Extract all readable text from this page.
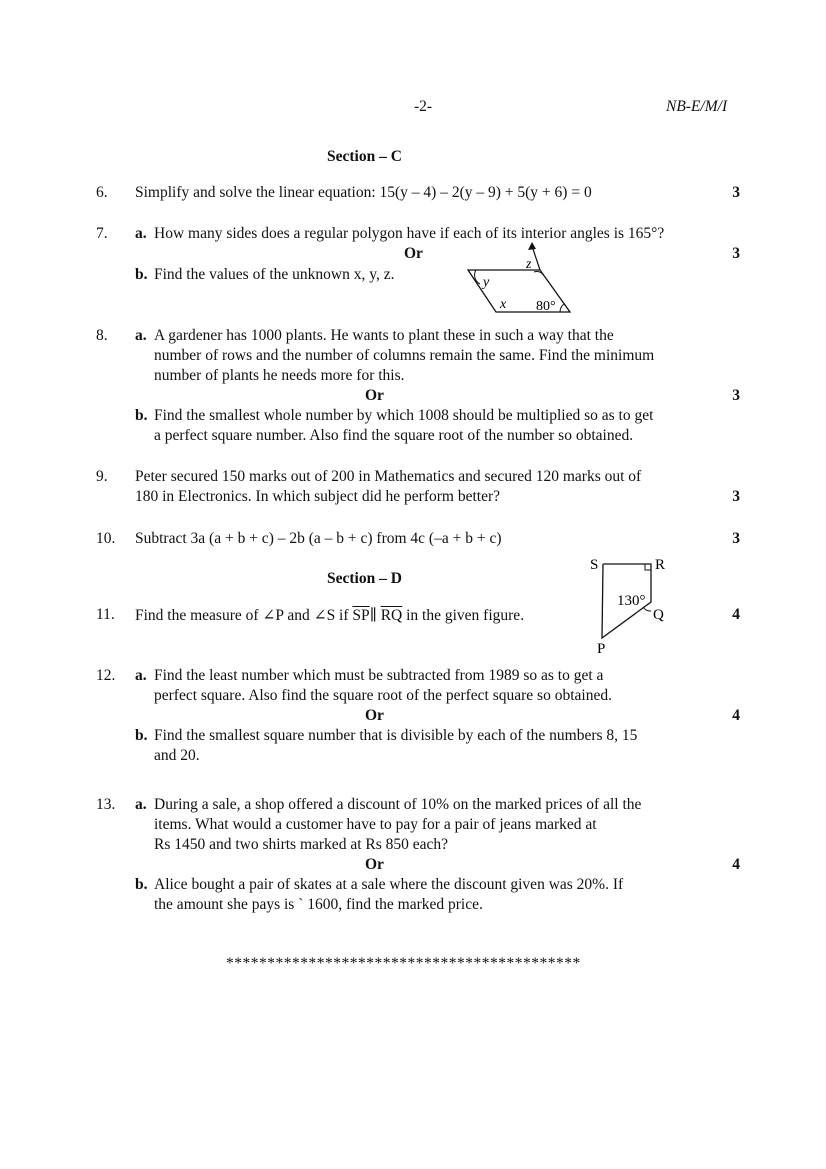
-2-	NB-E/M/I
Section – C
6. Simplify and solve the linear equation: 15(y – 4) – 2(y – 9) + 5(y + 6) = 0	3
7. a. How many sides does a regular polygon have if each of its interior angles is 165°?
Or	3
b. Find the values of the unknown x, y, z.
z
y
x 80°
8. a. A gardener has 1000 plants. He wants to plant these in such a way that the
number of rows and the number of columns remain the same. Find the minimum
number of plants he needs more for this.
Or	3
b. Find the smallest whole number by which 1008 should be multiplied so as to get
a perfect square number. Also find the square root of the number so obtained.
9. Peter secured 150 marks out of 200 in Mathematics and secured 120 marks out of
180 in Electronics. In which subject did he perform better?	3
10. Subtract 3a (a + b + c) – 2b (a – b + c) from 4c (–a + b + c)	3
Section – D
11. Find the measure of ∠P and ∠S if $\overline{SP}\parallel$ $\overline{RQ}$ in the given figure.	4
S	R
Q
P
130°
12. a. Find the least number which must be subtracted from 1989 so as to get a
perfect square. Also find the square root of the perfect square so obtained.
Or	4
b. Find the smallest square number that is divisible by each of the numbers 8, 15
and 20.
13. a. During a sale, a shop offered a discount of 10% on the marked prices of all the
items. What would a customer have to pay for a pair of jeans marked at
Rs 1450 and two shirts marked at Rs 850 each?
Or	4
b. Alice bought a pair of skates at a sale where the discount given was 20%. If
the amount she pays is ` 1600, find the marked price.
*******************************************
